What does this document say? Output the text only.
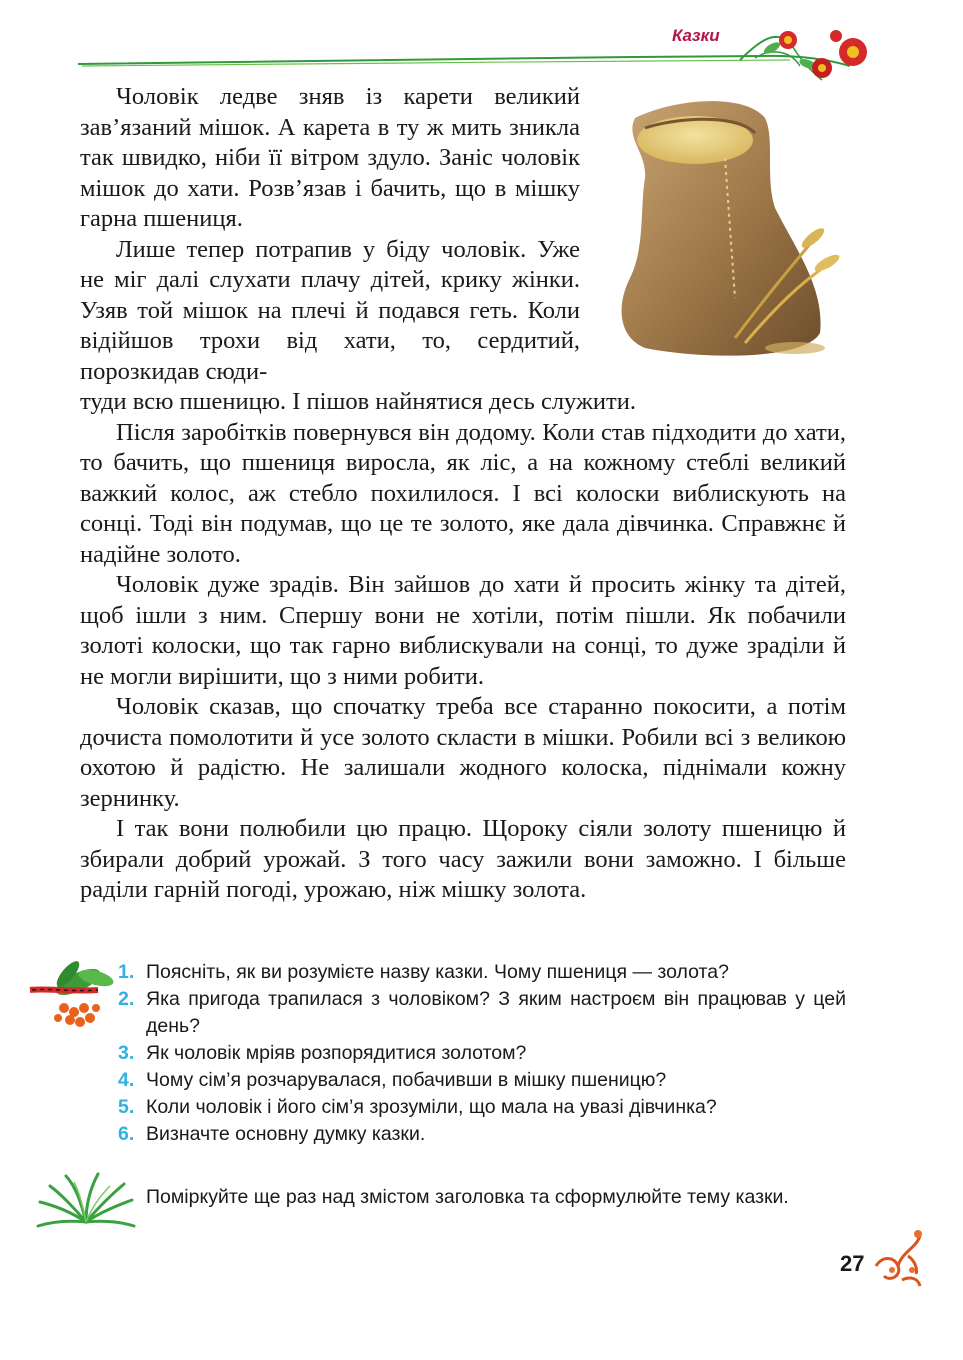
Казки

Чоловік ледве зняв із карети великий зав’язаний мішок. А карета в ту ж мить зникла так швидко, ніби її вітром здуло. Заніс чоловік мішок до хати. Розв’язав і бачить, що в мішку гарна пшениця.

Лише тепер потрапив у біду чоловік. Уже не міг далі слухати плачу дітей, крику жінки. Узяв той мішок на плечі й подався геть. Коли відійшов трохи від хати, то, сердитий, порозкидав сюди-

туди всю пшеницю. І пішов найнятися десь служити.

Після заробітків повернувся він додому. Коли став підходити до хати, то бачить, що пшениця виросла, як ліс, а на кожному стеблі великий важкий колос, аж стебло похилилося. І всі колоски виблискують на сонці. Тоді він подумав, що це те золото, яке дала дівчинка. Справжнє й надійне золото.

Чоловік дуже зрадів. Він зайшов до хати й просить жінку та дітей, щоб ішли з ним. Спершу вони не хотіли, потім пішли. Як побачили золоті колоски, що так гарно виблискували на сонці, то дуже зраділи й не могли вирішити, що з ними робити.

Чоловік сказав, що спочатку треба все старанно покосити, а потім дочиста помолотити й усе золото скласти в мішки. Робили всі з великою охотою й радістю. Не залишали жодного колоска, піднімали кожну зернинку.

І так вони полюбили цю працю. Щороку сіяли золоту пшеницю й збирали добрий урожай. З того часу зажили вони заможно. І більше раділи гарній погоді, урожаю, ніж мішку золота.

1. Поясніть, як ви розумієте назву казки. Чому пшениця — золота?
2. Яка пригода трапилася з чоловіком? З яким настроєм він працював у цей день?
3. Як чоловік мріяв розпорядитися золотом?
4. Чому сім’я розчарувалася, побачивши в мішку пшеницю?
5. Коли чоловік і його сім’я зрозуміли, що мала на увазі дівчинка?
6. Визначте основну думку казки.
Поміркуйте ще раз над змістом заголовка та сформулюйте тему казки.
27
